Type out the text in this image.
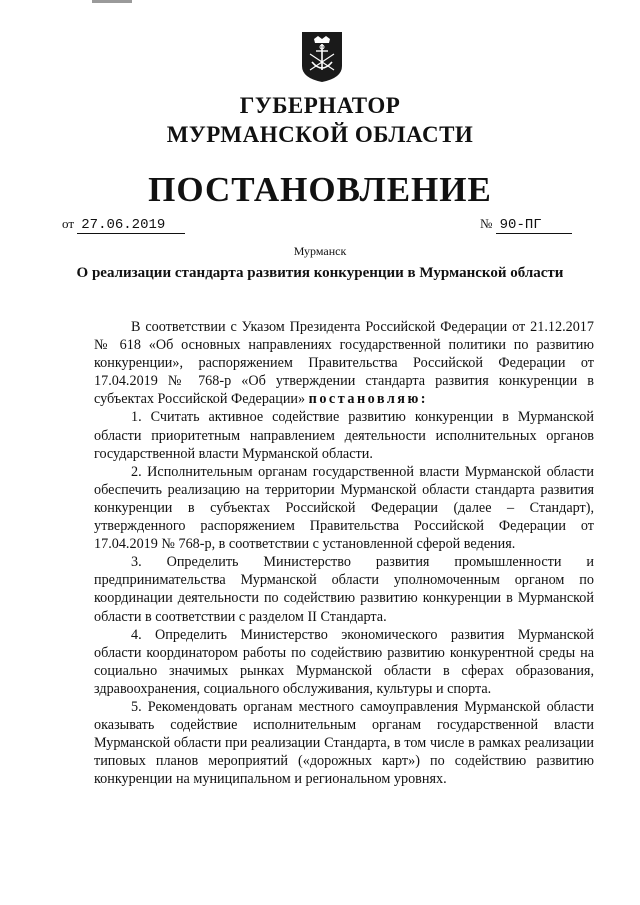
ГУБЕРНАТОР
МУРМАНСКОЙ ОБЛАСТИ
ПОСТАНОВЛЕНИЕ
от 27.06.2019	№ 90-ПГ
Мурманск
О реализации стандарта развития конкуренции в Мурманской области

В соответствии с Указом Президента Российской Федерации от 21.12.2017 № 618 «Об основных направлениях государственной политики по развитию конкуренции», распоряжением Правительства Российской Федерации от 17.04.2019 № 768-р «Об утверждении стандарта развития конкуренции в субъектах Российской Федерации» постановляю:

1. Считать активное содействие развитию конкуренции в Мурманской области приоритетным направлением деятельности исполнительных органов государственной власти Мурманской области.

2. Исполнительным органам государственной власти Мурманской области обеспечить реализацию на территории Мурманской области стандарта развития конкуренции в субъектах Российской Федерации (далее – Стандарт), утвержденного распоряжением Правительства Российской Федерации от 17.04.2019 № 768-р, в соответствии с установленной сферой ведения.

3. Определить Министерство развития промышленности и предпринимательства Мурманской области уполномоченным органом по координации деятельности по содействию развитию конкуренции в Мурманской области в соответствии с разделом II Стандарта.

4. Определить Министерство экономического развития Мурманской области координатором работы по содействию развитию конкурентной среды на социально значимых рынках Мурманской области в сферах образования, здравоохранения, социального обслуживания, культуры и спорта.

5. Рекомендовать органам местного самоуправления Мурманской области оказывать содействие исполнительным органам государственной власти Мурманской области при реализации Стандарта, в том числе в рамках реализации типовых планов мероприятий («дорожных карт») по содействию развитию конкуренции на муниципальном и региональном уровнях.
